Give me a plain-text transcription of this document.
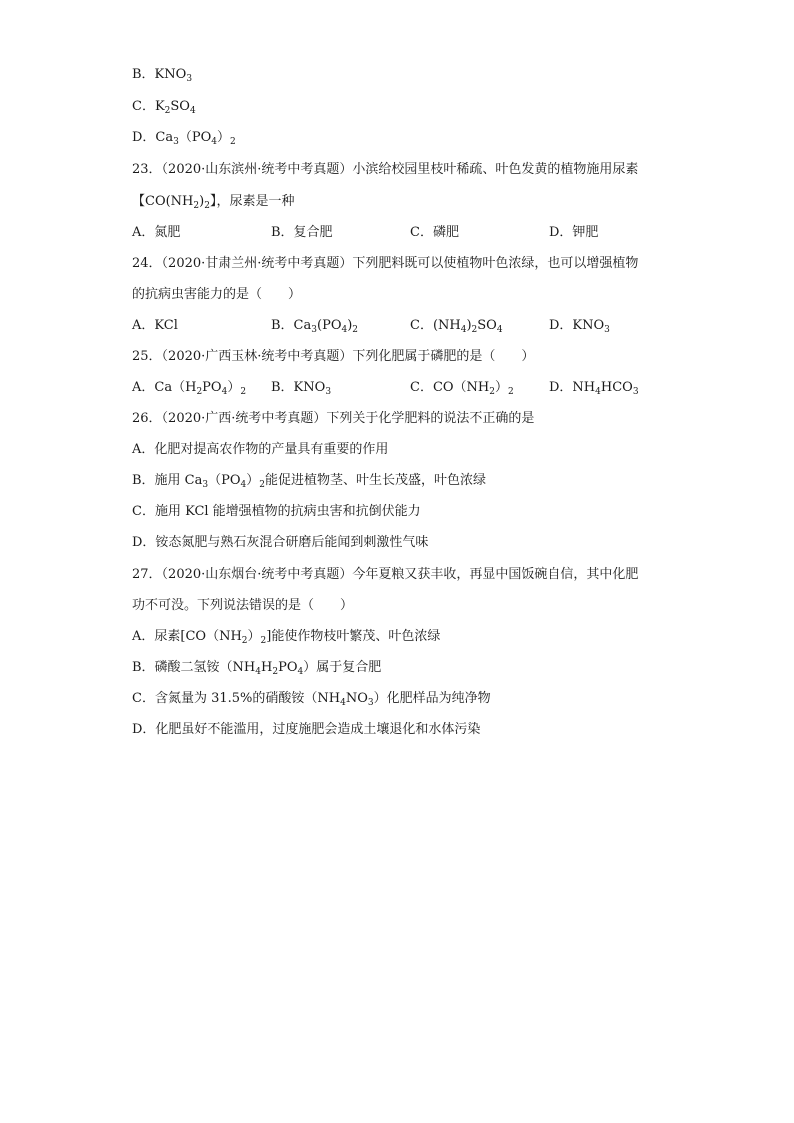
B．$KNO_3$
C．$K_2SO_4$
D．$Ca_3(PO_4)_2$
23．（2020·山东滨州·统考中考真题）小滨给校园里枝叶稀疏、叶色发黄的植物施用尿素
【$CO(NH_2)_2$】，尿素是一种
A．氮肥	B．复合肥	C．磷肥	D．钾肥
24．（2020·甘肃兰州·统考中考真题）下列肥料既可以使植物叶色浓绿，也可以增强植物
的抗病虫害能力的是（　　）
A．KCl	B．$Ca_3(PO_4)_2$	C．$(NH_4)_2SO_4$	D．$KNO_3$
25．（2020·广西玉林·统考中考真题）下列化肥属于磷肥的是（　　）
A．$Ca(H_2PO_4)_2$ B．$KNO_3$	C．$CO(NH_2)_2$	D．$NH_4HCO_3$
26．（2020·广西·统考中考真题）下列关于化学肥料的说法不正确的是
A．化肥对提高农作物的产量具有重要的作用
B．施用 $Ca_3(PO_4)_2$能促进植物茎、叶生长茂盛，叶色浓绿
C．施用 KCl 能增强植物的抗病虫害和抗倒伏能力
D．铵态氮肥与熟石灰混合研磨后能闻到刺激性气味
27．（2020·山东烟台·统考中考真题）今年夏粮又获丰收，再显中国饭碗自信，其中化肥
功不可没。下列说法错误的是（　　）
A．尿素$[CO(NH_2)_2]$能使作物枝叶繁茂、叶色浓绿
B．磷酸二氢铵$(NH_4H_2PO_4)$属于复合肥
C．含氮量为 31.5%的硝酸铵$(NH_4NO_3)$化肥样品为纯净物
D．化肥虽好不能滥用，过度施肥会造成土壤退化和水体污染
